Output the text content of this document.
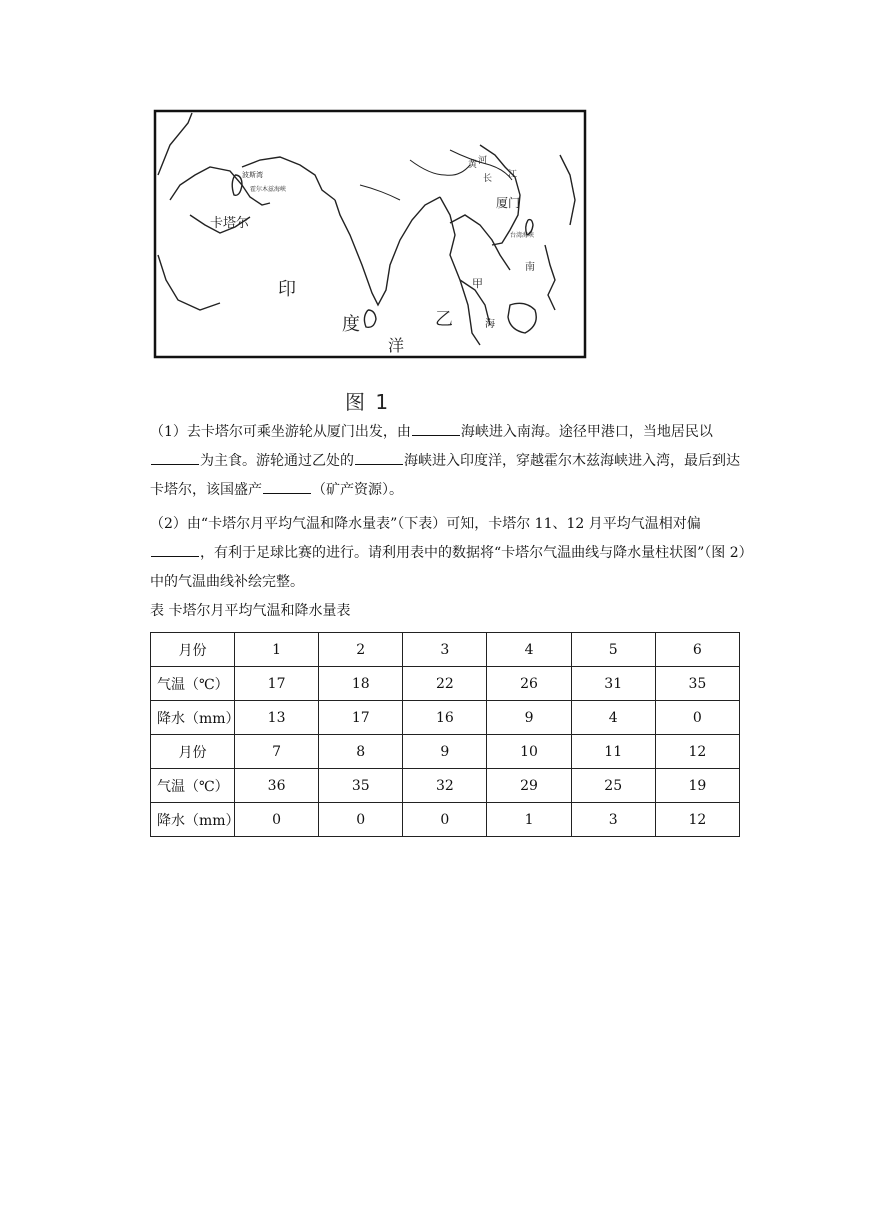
卡塔尔
波斯湾
霍尔木兹海峡
印
度
洋
乙
厦门
甲
黄 河
长 江
南
海
台湾海峡
图 1
（1）去卡塔尔可乘坐游轮从厦门出发，由	海峡进入南海。途径甲港口，当地居民以为主食。游轮通过乙处的	海峡进入印度洋，穿越霍尔木兹海峡进入湾，最后到达卡塔尔，该国盛产	（矿产资源）。
（2）由“卡塔尔月平均气温和降水量表”（下表）可知，卡塔尔 11、12 月平均气温相对偏，有利于足球比赛的进行。请利用表中的数据将“卡塔尔气温曲线与降水量柱状图”（图 2）中的气温曲线补绘完整。
表 卡塔尔月平均气温和降水量表
月份	1	2	3	4	5	6
气温（℃）	17	18	22	26	31	35
降水（mm）	13	17	16	9	4	0
月份	7	8	9	10	11	12
气温（℃）	36	35	32	29	25	19
降水（mm）	0	0	0	1	3	12
